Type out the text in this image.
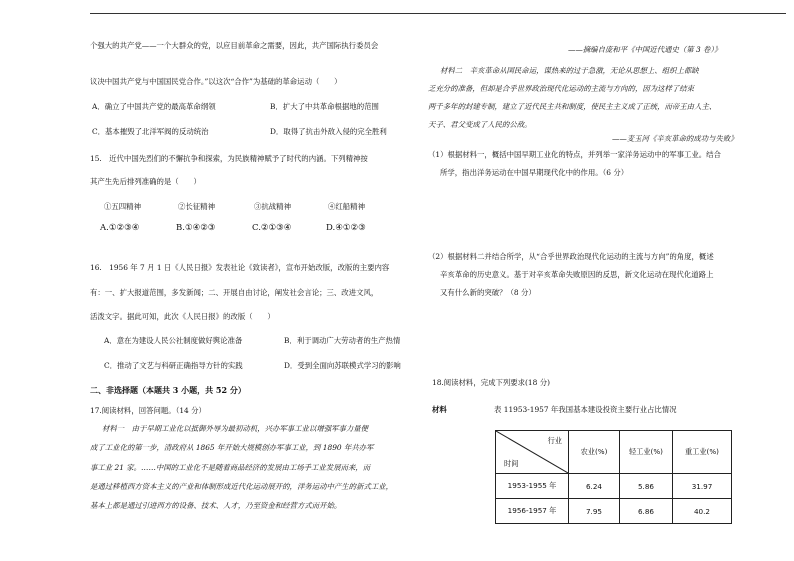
个强大的共产党——一个大群众的党，以应目前革命之需要，因此，共产国际执行委员会
议决中国共产党与中国国民党合作。”以这次“合作”为基础的革命运动（　　）
A．确立了中国共产党的最高革命纲领	B．扩大了中共革命根据地的范围
C．基本摧毁了北洋军阀的反动统治	D．取得了抗击外敌入侵的完全胜利
15.　近代中国先烈们的不懈抗争和探索，为民族精神赋予了时代的内涵。下列精神按
其产生先后排列准确的是（　　）
①五四精神	②长征精神	③抗战精神	④红船精神
A.①②③④	B.①④②③	C.②①③④	D.④①②③
16.　1956 年 7 月 1 日《人民日报》发表社论《致读者》，宣布开始改版，改版的主要内容
有：一、扩大报道范围，多发新闻；二、开展自由讨论，阐发社会言论；三、改进文风，
活泼文字。据此可知，此次《人民日报》的改版（　　）
A．意在为建设人民公社制度做好舆论准备	B．利于调动广大劳动者的生产热情
C．推动了文艺与科研正确指导方针的实践	D．受到全面向苏联模式学习的影响
二、非选择题（本题共 3 小题，共 52 分）
17.阅读材料，回答问题。（14 分）
材料一　由于早期工业化以抵御外辱为最初动机，兴办军事工业以增强军事力量便
成了工业化的第一步，清政府从 1865 年开始大规模创办军事工业，到 1890 年共办军
事工业 21 家。……中国的工业化不是随着商品经济的发展由工场手工业发展而来，而
是通过移植西方资本主义的产业和体制形成近代化运动展开的，洋务运动中产生的新式工业，
基本上都是通过引进西方的设备、技术、人才，乃至资金和经营方式而开始。
——摘编自庞和平《中国近代通史（第 3 卷）》
材料二　辛亥革命从国民命运，谋热来的过于急激，无论从思想上、组织上都缺
乏充分的准备，但却是合乎世界政治现代化运动的主流与方向的，因为这样了结束
两千多年的封建专制，建立了近代民主共和制度，使民主主义成了正统，而帝王由人主、
天子、君父变成了人民的公敌。
——麦玉河《辛亥革命的成功与失败》
（1）根据材料一，概括中国早期工业化的特点，并列举一家洋务运动中的军事工业。结合
所学，指出洋务运动在中国早期现代化中的作用。（6 分）
（2）根据材料二并结合所学，从“合乎世界政治现代化运动的主流与方向”的角度，概述
辛亥革命的历史意义。基于对辛亥革命失败原因的反思，新文化运动在现代化道路上
又有什么新的突破？（8 分）
18.阅读材料，完成下列要求(18 分)
材料	表 11953-1957 年我国基本建设投资主要行业占比情况
行业
时间	农业(%)	轻工业(%)	重工业(%)
1953-1955 年	6.24	5.86	31.97
1956-1957 年	7.95	6.86	40.2
